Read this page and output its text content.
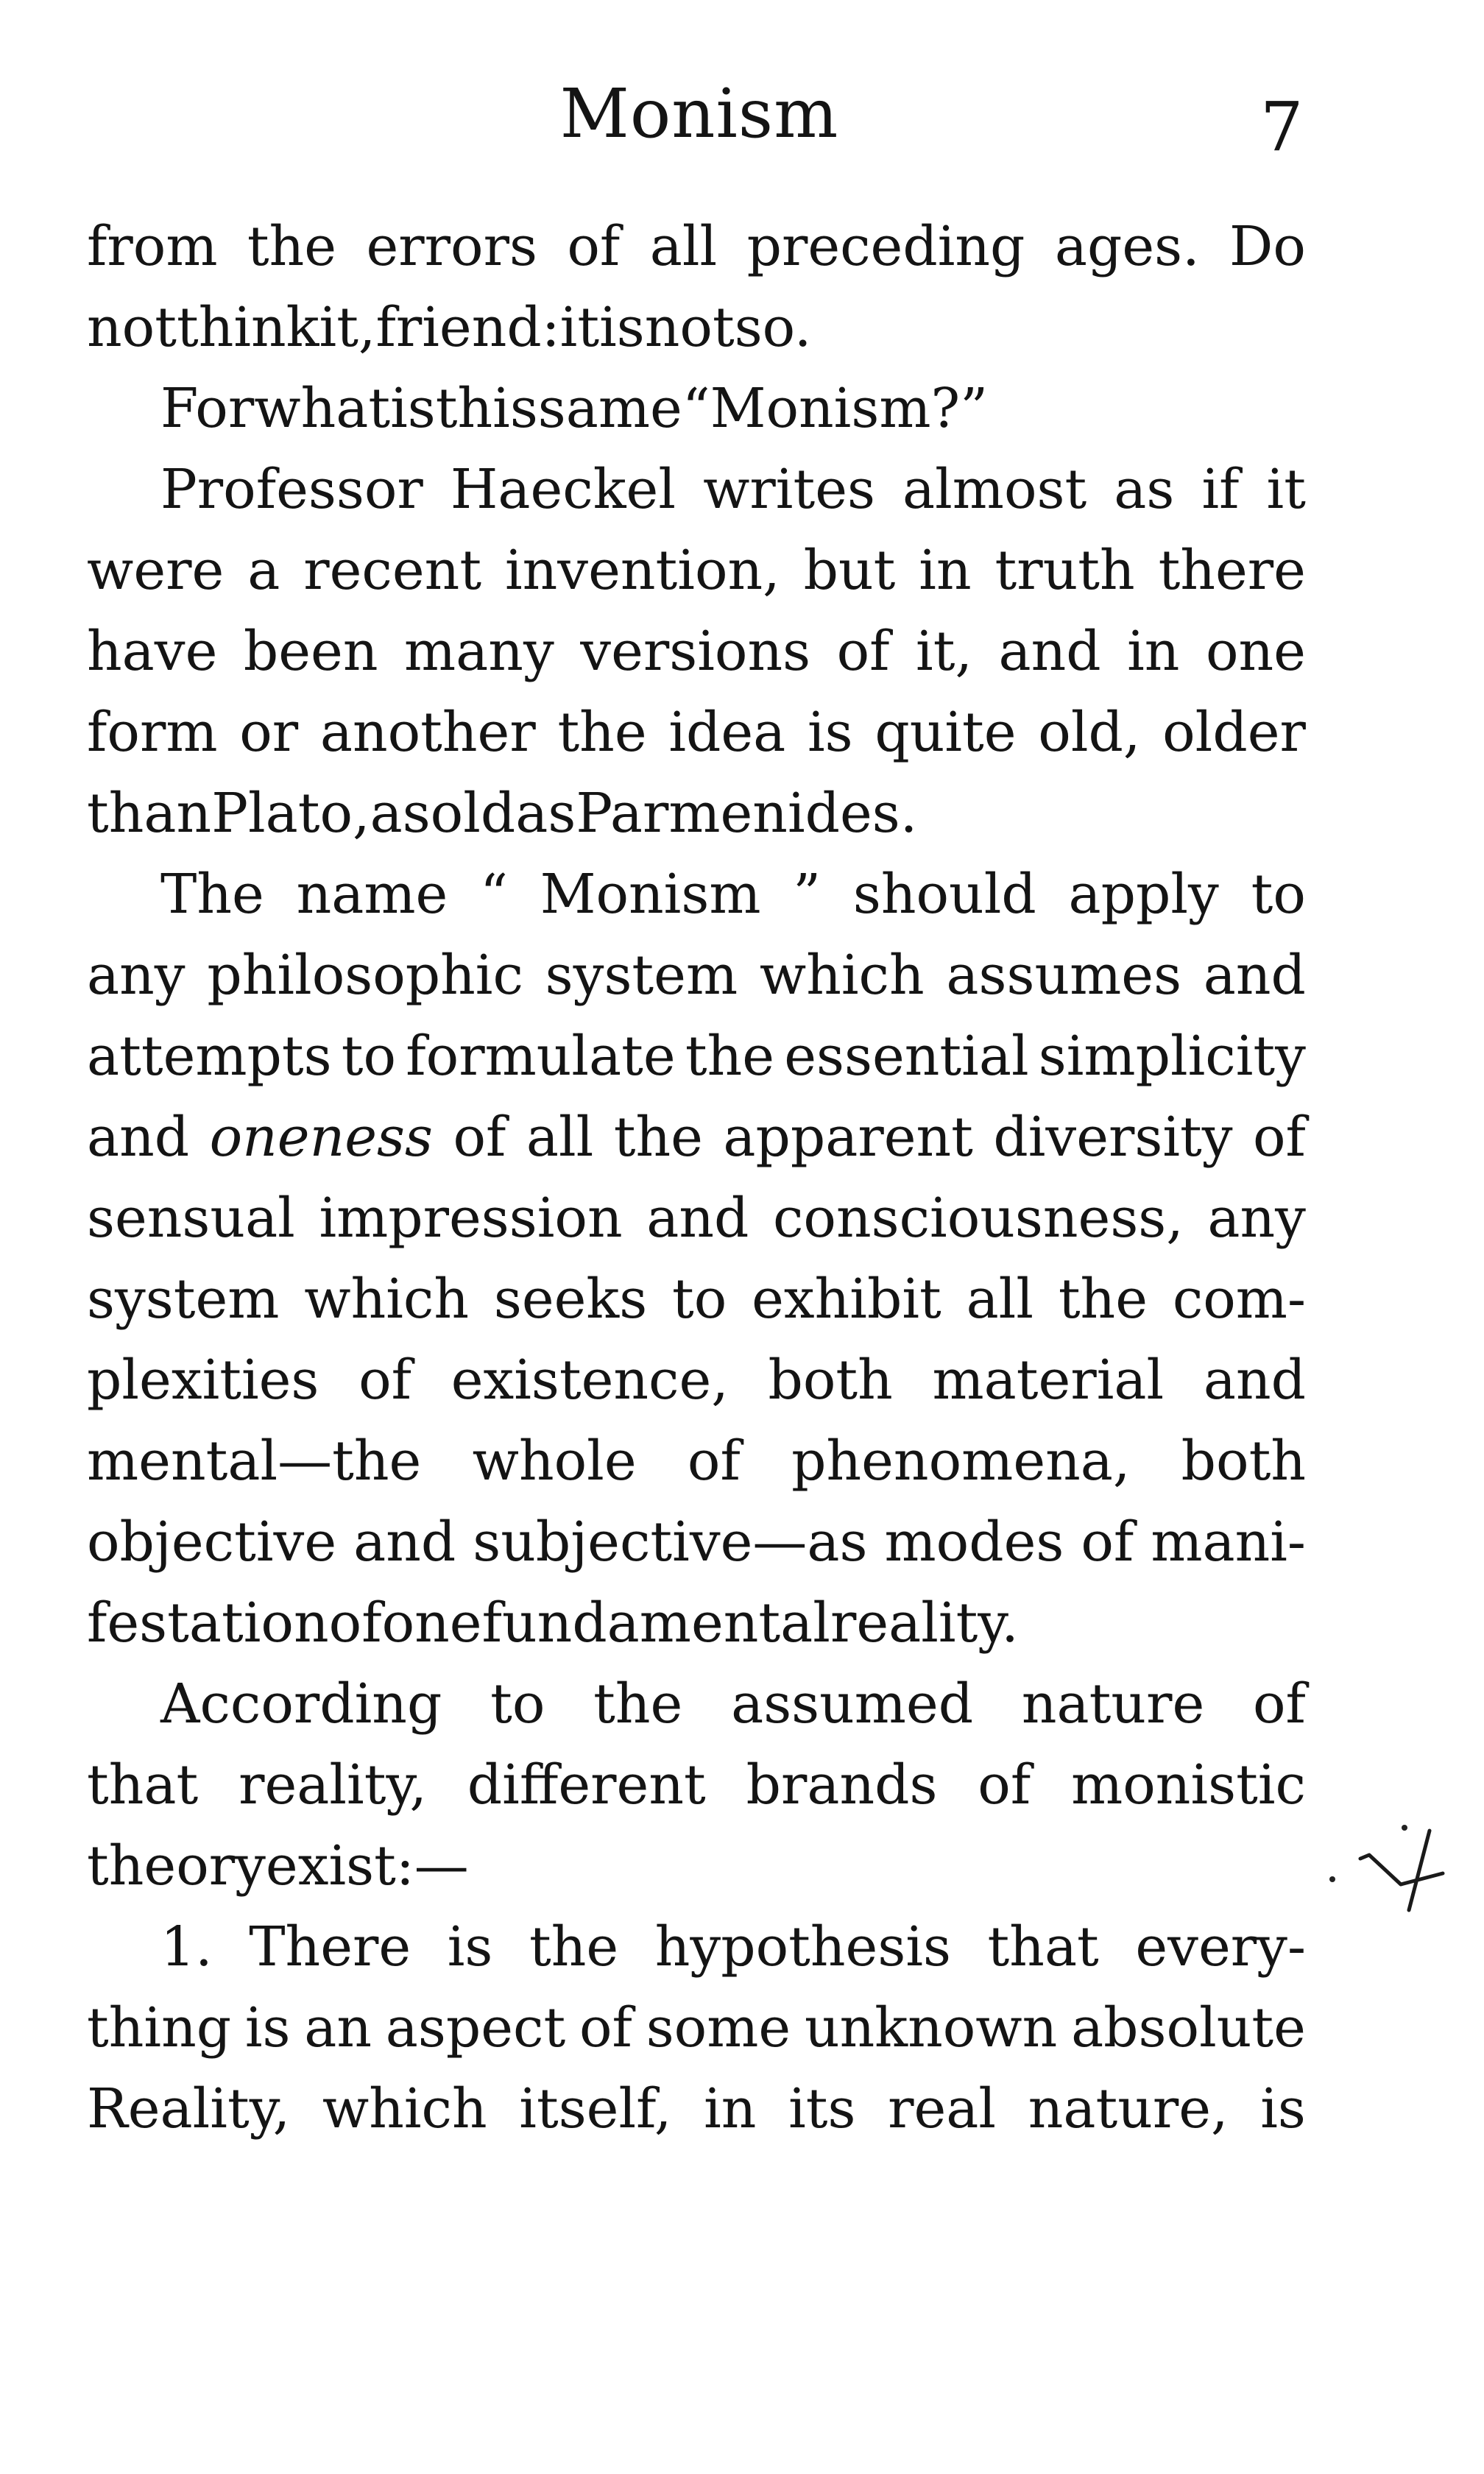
Monism	7
from the errors of all preceding ages. Do
not think it, friend : it is not so.
For what is this same “ Monism ? ”
Professor Haeckel writes almost as if it
were a recent invention, but in truth there
have been many versions of it, and in one
form or another the idea is quite old, older
than Plato, as old as Parmenides.
The name “ Monism ” should apply to
any philosophic system which assumes and
attempts to formulate the essential simplicity
and oneness of all the apparent diversity of
sensual impression and consciousness, any
system which seeks to exhibit all the com-
plexities of existence, both material and
mental—the whole of phenomena, both
objective and subjective—as modes of mani-
festation of one fundamental reality.
According to the assumed nature of
that reality, different brands of monistic
theory exist :—
1. There is the hypothesis that every-
thing is an aspect of some unknown absolute
Reality, which itself, in its real nature, is
